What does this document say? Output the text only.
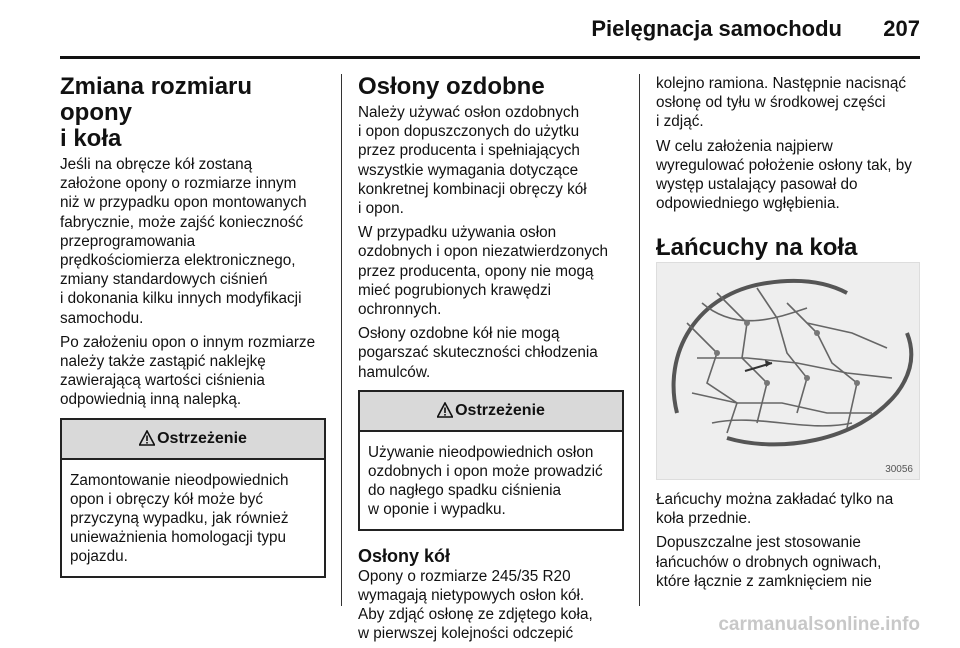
Pielęgnacja samochodu 207
Zmiana rozmiaru opony
i koła

Jeśli na obręcze kół zostaną
założone opony o rozmiarze innym
niż w przypadku opon montowanych
fabrycznie, może zajść konieczność
przeprogramowania
prędkościomierza elektronicznego,
zmiany standardowych ciśnień
i dokonania kilku innych modyfikacji
samochodu.

Po założeniu opon o innym rozmiarze
należy także zastąpić naklejkę
zawierającą wartości ciśnienia
odpowiednią inną nalepką.

Ostrzeżenie
Zamontowanie nieodpowiednich
opon i obręczy kół może być
przyczyną wypadku, jak również
unieważnienia homologacji typu
pojazdu.
Osłony ozdobne

Należy używać osłon ozdobnych
i opon dopuszczonych do użytku
przez producenta i spełniających
wszystkie wymagania dotyczące
konkretnej kombinacji obręczy kół
i opon.

W przypadku używania osłon
ozdobnych i opon niezatwierdzonych
przez producenta, opony nie mogą
mieć pogrubionych krawędzi
ochronnych.

Osłony ozdobne kół nie mogą
pogarszać skuteczności chłodzenia
hamulców.

Ostrzeżenie
Używanie nieodpowiednich osłon
ozdobnych i opon może prowadzić
do nagłego spadku ciśnienia
w oponie i wypadku.
Osłony kół

Opony o rozmiarze 245/35 R20
wymagają nietypowych osłon kół.
Aby zdjąć osłonę ze zdjętego koła,
w pierwszej kolejności odczepić

kolejno ramiona. Następnie nacisnąć
osłonę od tyłu w środkowej części
i zdjąć.

W celu założenia najpierw
wyregulować położenie osłony tak, by
występ ustalający pasował do
odpowiedniego wgłębienia.

Łańcuchy na koła
30056

Łańcuchy można zakładać tylko na
koła przednie.

Dopuszczalne jest stosowanie
łańcuchów o drobnych ogniwach,
które łącznie z zamknięciem nie

carmanualsonline.info
